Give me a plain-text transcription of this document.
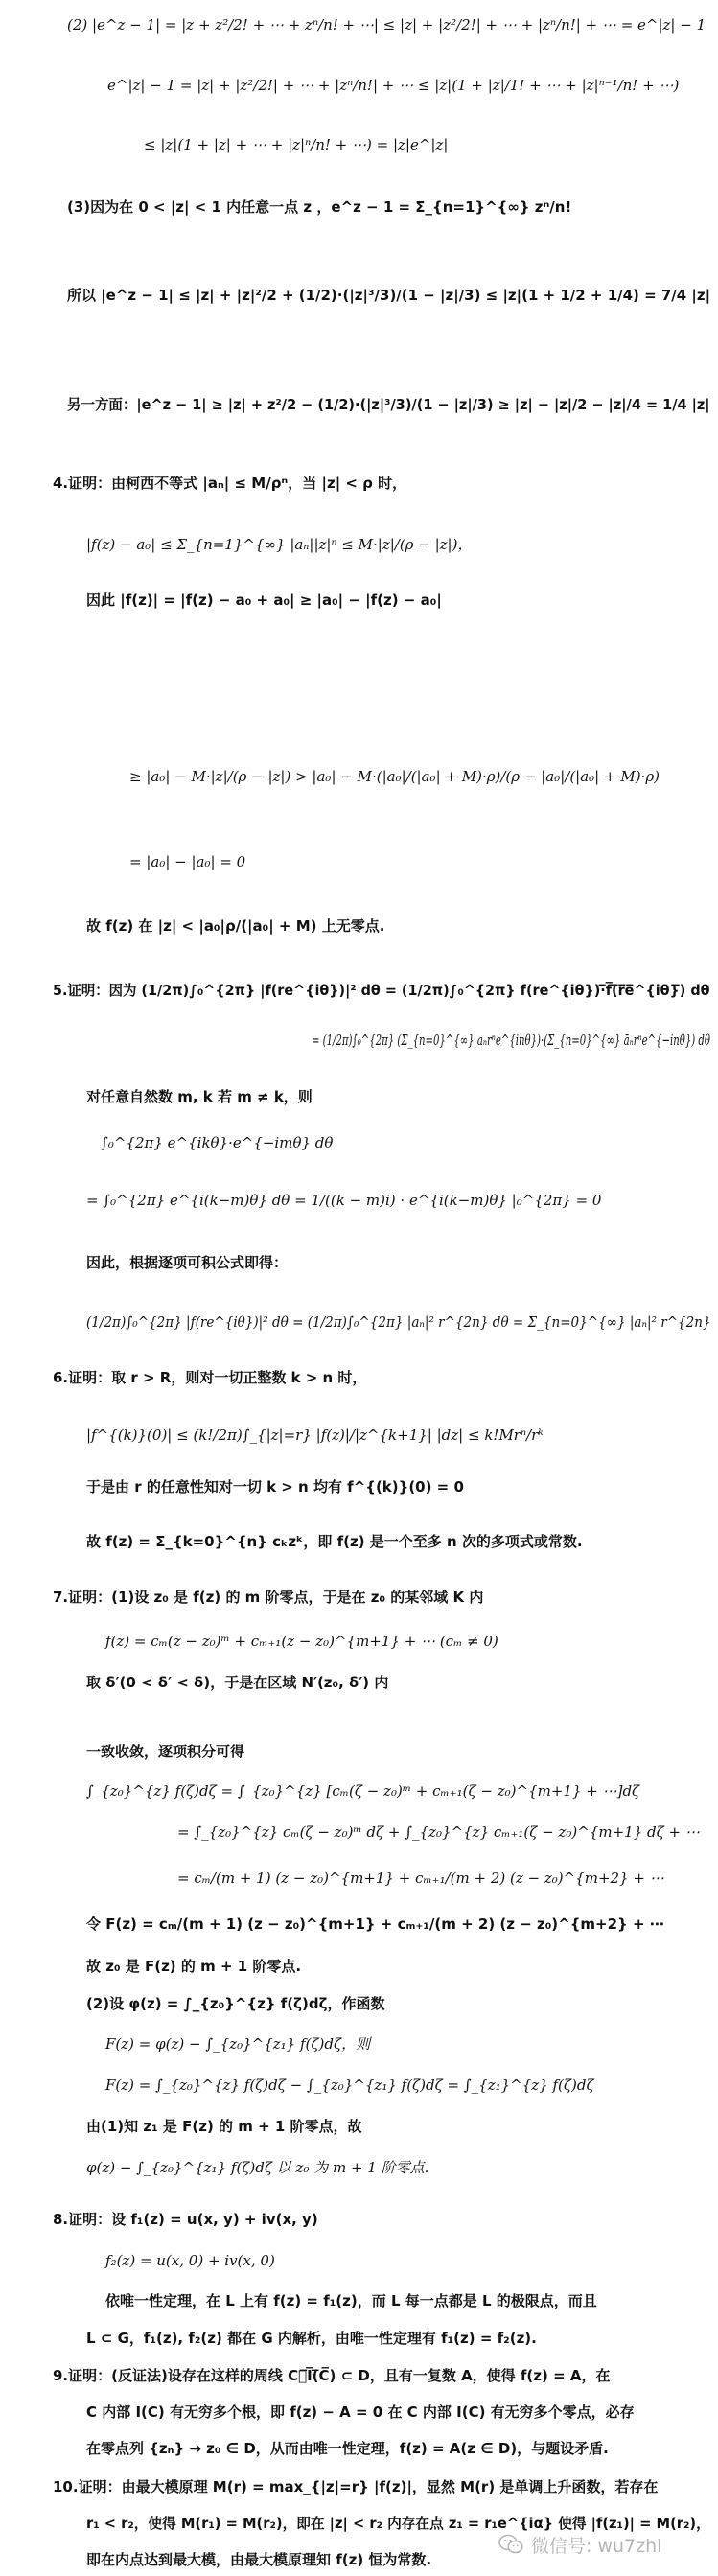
(2) |e^z − 1| = |z + z²/2! + ⋯ + zⁿ/n! + ⋯| ≤ |z| + |z²/2!| + ⋯ + |zⁿ/n!| + ⋯ = e^|z| − 1
e^|z| − 1 = |z| + |z²/2!| + ⋯ + |zⁿ/n!| + ⋯ ≤ |z|(1 + |z|/1! + ⋯ + |z|ⁿ⁻¹/n! + ⋯)
≤ |z|(1 + |z| + ⋯ + |z|ⁿ/n! + ⋯) = |z|e^|z|
(3)因为在 0 < |z| < 1 内任意一点 z ，e^z − 1 = Σ_{n=1}^{∞} zⁿ/n!
所以 |e^z − 1| ≤ |z| + |z|²/2 + (1/2)·(|z|³/3)/(1 − |z|/3) ≤ |z|(1 + 1/2 + 1/4) = 7/4 |z|
另一方面：|e^z − 1| ≥ |z| + z²/2 − (1/2)·(|z|³/3)/(1 − |z|/3) ≥ |z| − |z|/2 − |z|/4 = 1/4 |z|
4.证明：由柯西不等式 |aₙ| ≤ M/ρⁿ，当 |z| < ρ 时，
|f(z) − a₀| ≤ Σ_{n=1}^{∞} |aₙ||z|ⁿ ≤ M·|z|/(ρ − |z|)，
因此 |f(z)| = |f(z) − a₀ + a₀| ≥ |a₀| − |f(z) − a₀|
≥ |a₀| − M·|z|/(ρ − |z|) > |a₀| − M·(|a₀|/(|a₀| + M)·ρ)/(ρ − |a₀|/(|a₀| + M)·ρ)
= |a₀| − |a₀| = 0
故 f(z) 在 |z| < |a₀|ρ/(|a₀| + M) 上无零点.
5.证明：因为 (1/2π)∫₀^{2π} |f(re^{iθ})|² dθ = (1/2π)∫₀^{2π} f(re^{iθ})·̅f̅(̅r̅e̅^{iθ}̅) dθ
= (1/2π)∫₀^{2π} (Σ_{n=0}^{∞} aₙrⁿe^{inθ})·(Σ_{n=0}^{∞} āₙrⁿe^{−inθ}) dθ
对任意自然数 m, k 若 m ≠ k，则
∫₀^{2π} e^{ikθ}·e^{−imθ} dθ
= ∫₀^{2π} e^{i(k−m)θ} dθ = 1/((k − m)i) · e^{i(k−m)θ} |₀^{2π} = 0
因此，根据逐项可积公式即得：
(1/2π)∫₀^{2π} |f(re^{iθ})|² dθ = (1/2π)∫₀^{2π} |aₙ|² r^{2n} dθ = Σ_{n=0}^{∞} |aₙ|² r^{2n}
6.证明：取 r > R，则对一切正整数 k > n 时，
|f^{(k)}(0)| ≤ (k!/2π)∫_{|z|=r} |f(z)|/|z^{k+1}| |dz| ≤ k!Mrⁿ/rᵏ
于是由 r 的任意性知对一切 k > n 均有 f^{(k)}(0) = 0
故 f(z) = Σ_{k=0}^{n} cₖzᵏ，即 f(z) 是一个至多 n 次的多项式或常数.
7.证明：(1)设 z₀ 是 f(z) 的 m 阶零点，于是在 z₀ 的某邻域 K 内
f(z) = cₘ(z − z₀)ᵐ + cₘ₊₁(z − z₀)^{m+1} + ⋯ (cₘ ≠ 0)
取 δ′(0 < δ′ < δ)，于是在区域 N′(z₀, δ′) 内
一致收敛，逐项积分可得
∫_{z₀}^{z} f(ζ)dζ = ∫_{z₀}^{z} [cₘ(ζ − z₀)ᵐ + cₘ₊₁(ζ − z₀)^{m+1} + ⋯]dζ
= ∫_{z₀}^{z} cₘ(ζ − z₀)ᵐ dζ + ∫_{z₀}^{z} cₘ₊₁(ζ − z₀)^{m+1} dζ + ⋯
= cₘ/(m + 1) (z − z₀)^{m+1} + cₘ₊₁/(m + 2) (z − z₀)^{m+2} + ⋯
令 F(z) = cₘ/(m + 1) (z − z₀)^{m+1} + cₘ₊₁/(m + 2) (z − z₀)^{m+2} + ⋯
故 z₀ 是 F(z) 的 m + 1 阶零点.
(2)设 φ(z) = ∫_{z₀}^{z} f(ζ)dζ，作函数
F(z) = φ(z) − ∫_{z₀}^{z₁} f(ζ)dζ，则
F(z) = ∫_{z₀}^{z} f(ζ)dζ − ∫_{z₀}^{z₁} f(ζ)dζ = ∫_{z₁}^{z} f(ζ)dζ
由(1)知 z₁ 是 F(z) 的 m + 1 阶零点，故
φ(z) − ∫_{z₀}^{z₁} f(ζ)dζ 以 z₀ 为 m + 1 阶零点.
8.证明：设 f₁(z) = u(x, y) + iv(x, y)
f₂(z) = u(x, 0) + iv(x, 0)
依唯一性定理，在 L 上有 f(z) = f₁(z)，而 L 每一点都是 L 的极限点，而且
L ⊂ G，f₁(z), f₂(z) 都在 G 内解析，由唯一性定理有 f₁(z) = f₂(z).
9.证明：(反证法)设存在这样的周线 C，̅I̅(̅C̅) ⊂ D，且有一复数 A，使得 f(z) = A，在
C 内部 I(C) 有无穷多个根，即 f(z) − A = 0 在 C 内部 I(C) 有无穷多个零点，必存
在零点列 {zₙ} → z₀ ∈ D，从而由唯一性定理，f(z) = A(z ∈ D)，与题设矛盾.
10.证明：由最大模原理 M(r) = max_{|z|=r} |f(z)|，显然 M(r) 是单调上升函数，若存在
r₁ < r₂，使得 M(r₁) = M(r₂)，即在 |z| < r₂ 内存在点 z₁ = r₁e^{iα} 使得 |f(z₁)| = M(r₂)，
即在内点达到最大模，由最大模原理知 f(z) 恒为常数.
微信号: wu7zhl
